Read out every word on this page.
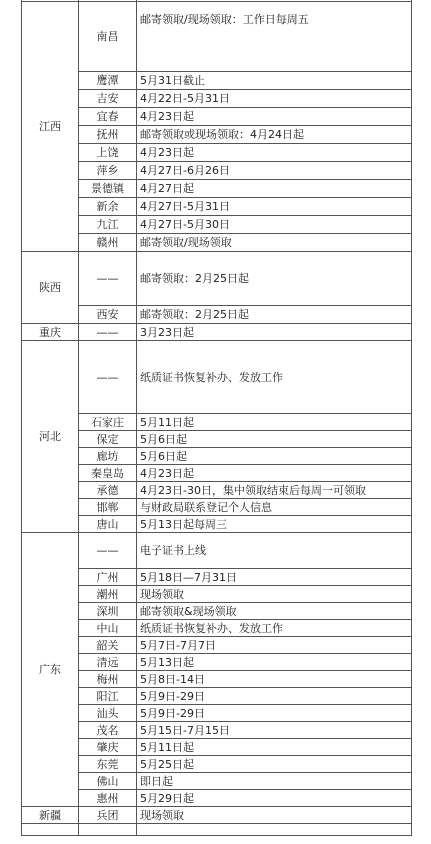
江西	南昌	邮寄领取/现场领取：工作日每周五
	鹰潭	5月31日截止
	吉安	4月22日-5月31日
	宜春	4月23日起
	抚州	邮寄领取或现场领取：4月24日起
	上饶	4月23日起
	萍乡	4月27日-6月26日
	景德镇	4月27日起
	新余	4月27日-5月31日
	九江	4月27日-5月30日
	赣州	邮寄领取/现场领取
陕西	——	邮寄领取：2月25日起
	西安	邮寄领取：2月25日起
重庆	——	3月23日起
河北	——	纸质证书恢复补办、发放工作
	石家庄	5月11日起
	保定	5月6日起
	廊坊	5月6日起
	秦皇岛	4月23日起
	承德	4月23日-30日，集中领取结束后每周一可领取
	邯郸	与财政局联系登记个人信息
	唐山	5月13日起每周三
广东	——	电子证书上线
	广州	5月18日—7月31日
	潮州	现场领取
	深圳	邮寄领取&现场领取
	中山	纸质证书恢复补办、发放工作
	韶关	5月7日-7月7日
	清远	5月13日起
	梅州	5月8日-14日
	阳江	5月9日-29日
	汕头	5月9日-29日
	茂名	5月15日-7月15日
	肇庆	5月11日起
	东莞	5月25日起
	佛山	即日起
	惠州	5月29日起
新疆	兵团	现场领取
